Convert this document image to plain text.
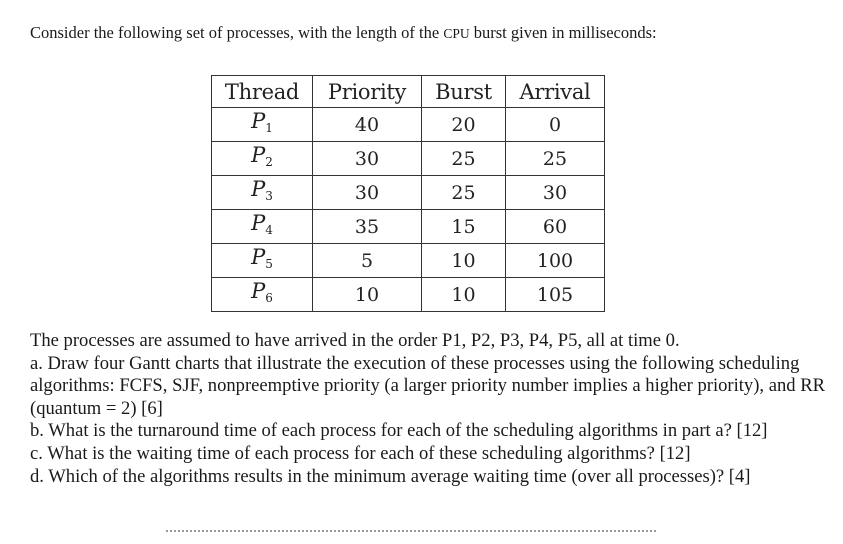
Consider the following set of processes, with the length of the CPU burst given in milliseconds:
Thread	Priority	Burst	Arrival
$P_1$	40	20	0
$P_2$	30	25	25
$P_3$	30	25	30
$P_4$	35	15	60
$P_5$	5	10	100
$P_6$	10	10	105

The processes are assumed to have arrived in the order P1, P2, P3, P4, P5, all at time 0.

a. Draw four Gantt charts that illustrate the execution of these processes using the following scheduling algorithms: FCFS, SJF, nonpreemptive priority (a larger priority number implies a higher priority), and RR (quantum = 2) [6]

b. What is the turnaround time of each process for each of the scheduling algorithms in part a? [12]

c. What is the waiting time of each process for each of these scheduling algorithms? [12]

d. Which of the algorithms results in the minimum average waiting time (over all processes)? [4]
